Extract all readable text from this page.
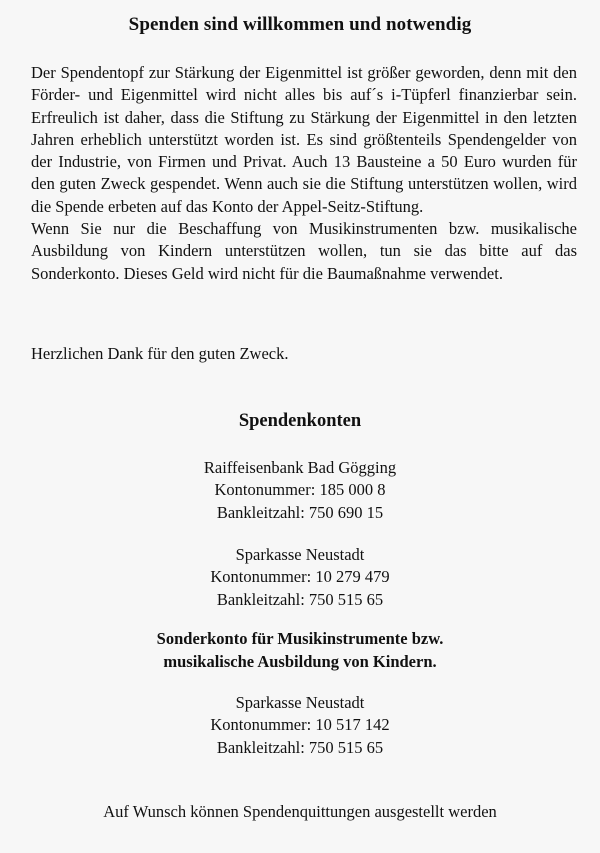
Spenden sind willkommen und notwendig

Der Spendentopf zur Stärkung der Eigenmittel ist größer geworden, denn mit den Förder- und Eigenmittel wird nicht alles bis auf´s i-Tüpferl finanzierbar sein. Erfreulich ist daher, dass die Stiftung zu Stärkung der Eigenmittel in den letzten Jahren erheblich unterstützt worden ist. Es sind größtenteils Spendengelder von der Industrie, von Firmen und Privat. Auch 13 Bausteine a 50 Euro wurden für den guten Zweck gespendet. Wenn auch sie die Stiftung unterstützen wollen, wird die Spende erbeten auf das Konto der Appel-Seitz-Stiftung.

Wenn Sie nur die Beschaffung von Musikinstrumenten bzw. musikalische Ausbildung von Kindern unterstützen wollen, tun sie das bitte auf das Sonderkonto. Dieses Geld wird nicht für die Baumaßnahme verwendet.

Herzlichen Dank für den guten Zweck.
Spendenkonten
Raiffeisenbank Bad Gögging
Kontonummer: 185 000 8
Bankleitzahl: 750 690 15
Sparkasse Neustadt
Kontonummer: 10 279 479
Bankleitzahl: 750 515 65
Sonderkonto für Musikinstrumente bzw.
musikalische Ausbildung von Kindern.
Sparkasse Neustadt
Kontonummer: 10 517 142
Bankleitzahl: 750 515 65
Auf Wunsch können Spendenquittungen ausgestellt werden
